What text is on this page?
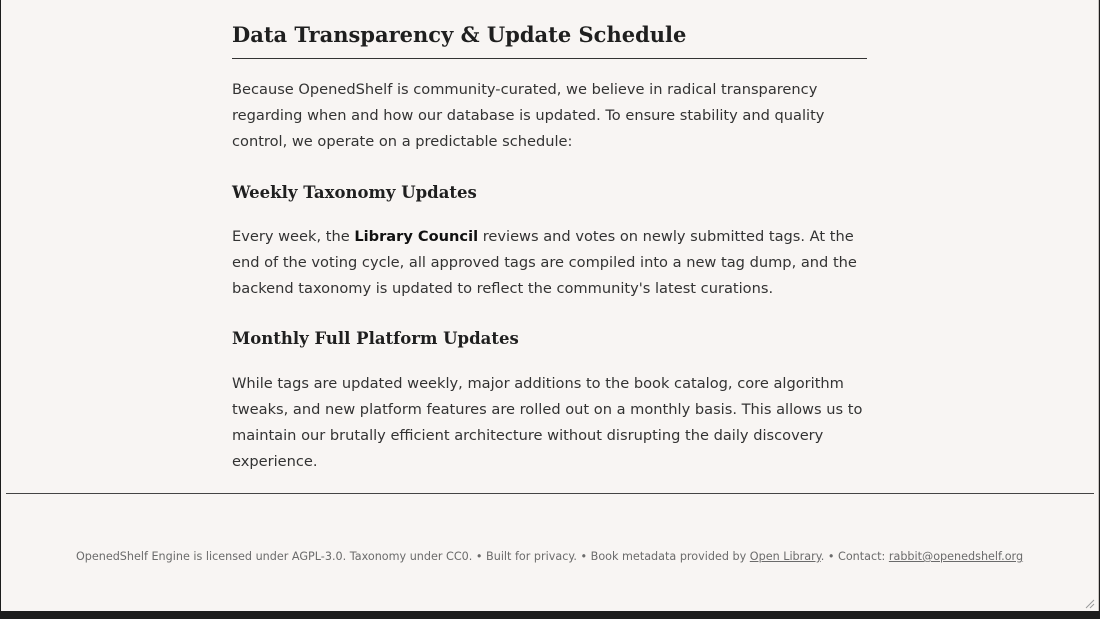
Data Transparency & Update Schedule

Because OpenedShelf is community-curated, we believe in radical transparency regarding when and how our database is updated. To ensure stability and quality control, we operate on a predictable schedule:

Weekly Taxonomy Updates

Every week, the Library Council reviews and votes on newly submitted tags. At the end of the voting cycle, all approved tags are compiled into a new tag dump, and the backend taxonomy is updated to reflect the community's latest curations.

Monthly Full Platform Updates

While tags are updated weekly, major additions to the book catalog, core algorithm tweaks, and new platform features are rolled out on a monthly basis. This allows us to maintain our brutally efficient architecture without disrupting the daily discovery experience.

OpenedShelf Engine is licensed under AGPL-3.0. Taxonomy under CC0. • Built for privacy. • Book metadata provided by Open Library. • Contact: rabbit@openedshelf.org
